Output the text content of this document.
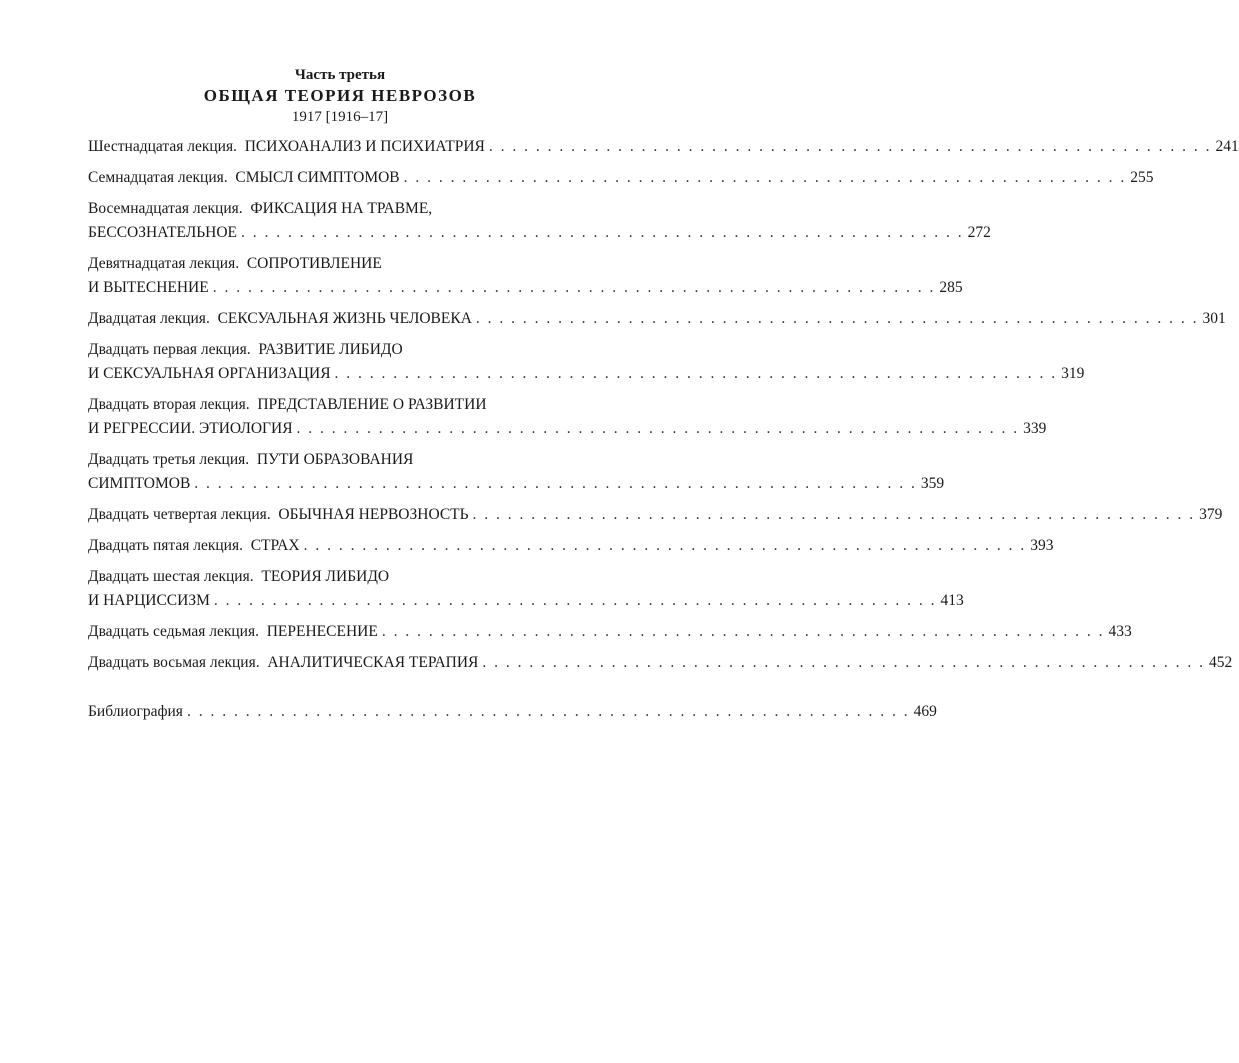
Часть третья
ОБЩАЯ ТЕОРИЯ НЕВРОЗОВ
1917 [1916–17]
Шестнадцатая лекция. ПСИХОАНАЛИЗ И ПСИХИАТРИЯ . . . . . . . . . . . . . . . . . . . . . . . . . . . . . . . . . . . . . . . . . . . . . . . . . . . . . . . . . . . . . . 241
Семнадцатая лекция. СМЫСЛ СИМПТОМОВ . . . . . . . . . . . . . . . . . . . . . . . . . . . . . . . . . . . . . . . . . . . . . . . . . . . . . . . . . . . . . . 255
Восемнадцатая лекция. ФИКСАЦИЯ НА ТРАВМЕ,
БЕССОЗНАТЕЛЬНОЕ . . . . . . . . . . . . . . . . . . . . . . . . . . . . . . . . . . . . . . . . . . . . . . . . . . . . . . . . . . . . . . 272
Девятнадцатая лекция. СОПРОТИВЛЕНИЕ
И ВЫТЕСНЕНИЕ . . . . . . . . . . . . . . . . . . . . . . . . . . . . . . . . . . . . . . . . . . . . . . . . . . . . . . . . . . . . . . 285
Двадцатая лекция. СЕКСУАЛЬНАЯ ЖИЗНЬ ЧЕЛОВЕКА . . . . . . . . . . . . . . . . . . . . . . . . . . . . . . . . . . . . . . . . . . . . . . . . . . . . . . . . . . . . . . 301
Двадцать первая лекция. РАЗВИТИЕ ЛИБИДО
И СЕКСУАЛЬНАЯ ОРГАНИЗАЦИЯ . . . . . . . . . . . . . . . . . . . . . . . . . . . . . . . . . . . . . . . . . . . . . . . . . . . . . . . . . . . . . . 319
Двадцать вторая лекция. ПРЕДСТАВЛЕНИЕ О РАЗВИТИИ
И РЕГРЕССИИ. ЭТИОЛОГИЯ . . . . . . . . . . . . . . . . . . . . . . . . . . . . . . . . . . . . . . . . . . . . . . . . . . . . . . . . . . . . . . 339
Двадцать третья лекция. ПУТИ ОБРАЗОВАНИЯ
СИМПТОМОВ . . . . . . . . . . . . . . . . . . . . . . . . . . . . . . . . . . . . . . . . . . . . . . . . . . . . . . . . . . . . . . 359
Двадцать четвертая лекция. ОБЫЧНАЯ НЕРВОЗНОСТЬ . . . . . . . . . . . . . . . . . . . . . . . . . . . . . . . . . . . . . . . . . . . . . . . . . . . . . . . . . . . . . . 379
Двадцать пятая лекция. СТРАХ . . . . . . . . . . . . . . . . . . . . . . . . . . . . . . . . . . . . . . . . . . . . . . . . . . . . . . . . . . . . . . 393
Двадцать шестая лекция. ТЕОРИЯ ЛИБИДО
И НАРЦИССИЗМ . . . . . . . . . . . . . . . . . . . . . . . . . . . . . . . . . . . . . . . . . . . . . . . . . . . . . . . . . . . . . . 413
Двадцать седьмая лекция. ПЕРЕНЕСЕНИЕ . . . . . . . . . . . . . . . . . . . . . . . . . . . . . . . . . . . . . . . . . . . . . . . . . . . . . . . . . . . . . . 433
Двадцать восьмая лекция. АНАЛИТИЧЕСКАЯ ТЕРАПИЯ . . . . . . . . . . . . . . . . . . . . . . . . . . . . . . . . . . . . . . . . . . . . . . . . . . . . . . . . . . . . . . 452
Библиография . . . . . . . . . . . . . . . . . . . . . . . . . . . . . . . . . . . . . . . . . . . . . . . . . . . . . . . . . . . . . . 469
